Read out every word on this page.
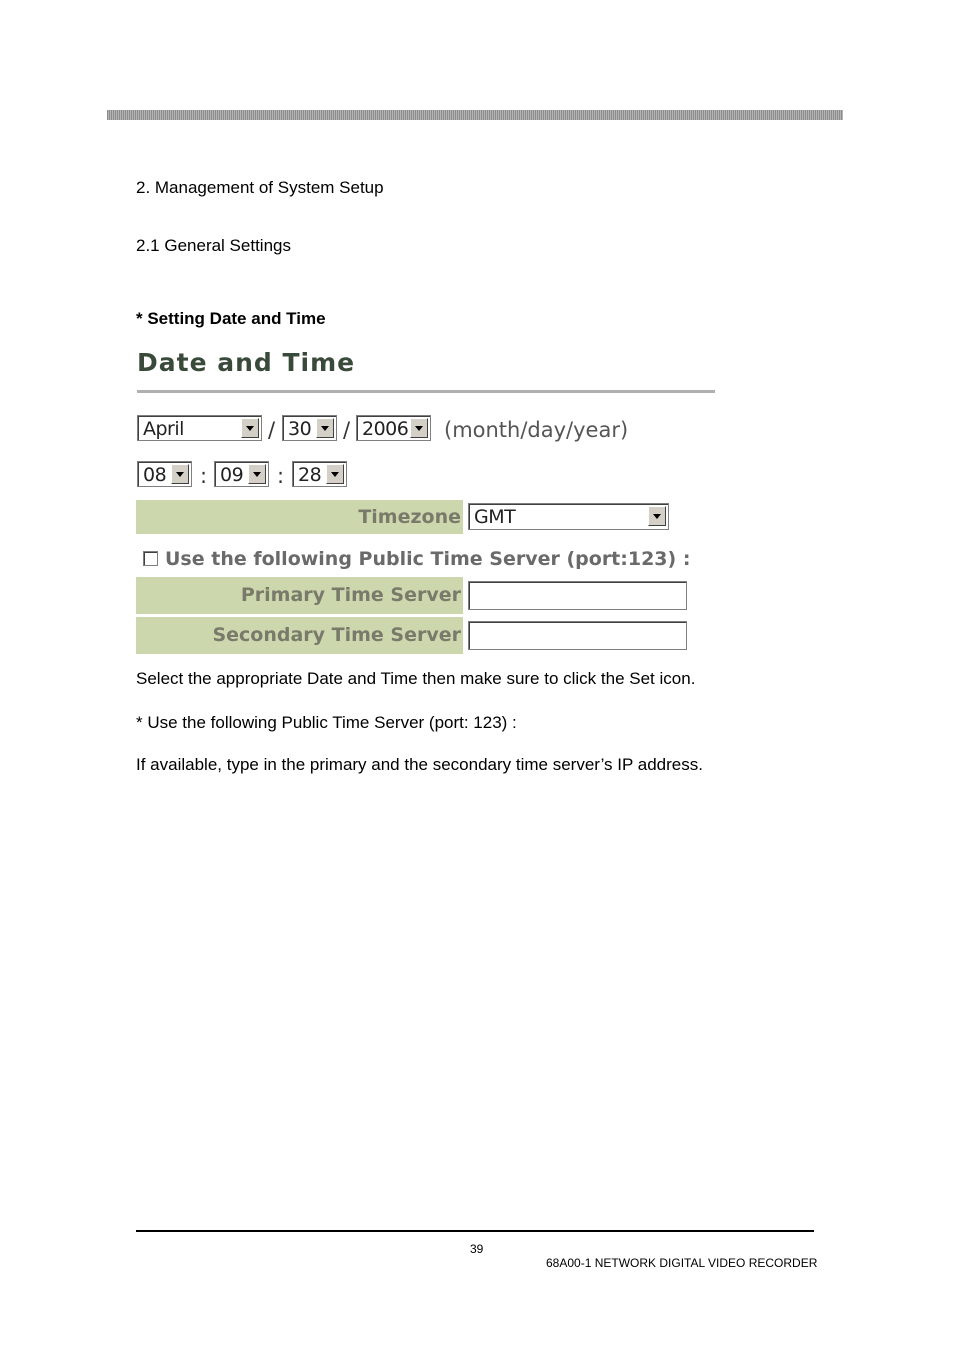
2. Management of System Setup
2.1 General Settings
* Setting Date and Time
Date and Time
April	/ 30 / 2006 (month/day/year)
08 : 09 : 28
Timezone GMT
Use the following Public Time Server (port:123) :
Primary Time Server
Secondary Time Server
Select the appropriate Date and Time then make sure to click the Set icon.
* Use the following Public Time Server (port: 123) :
If available, type in the primary and the secondary time server’s IP address.
39
68A00-1 NETWORK DIGITAL VIDEO RECORDER
